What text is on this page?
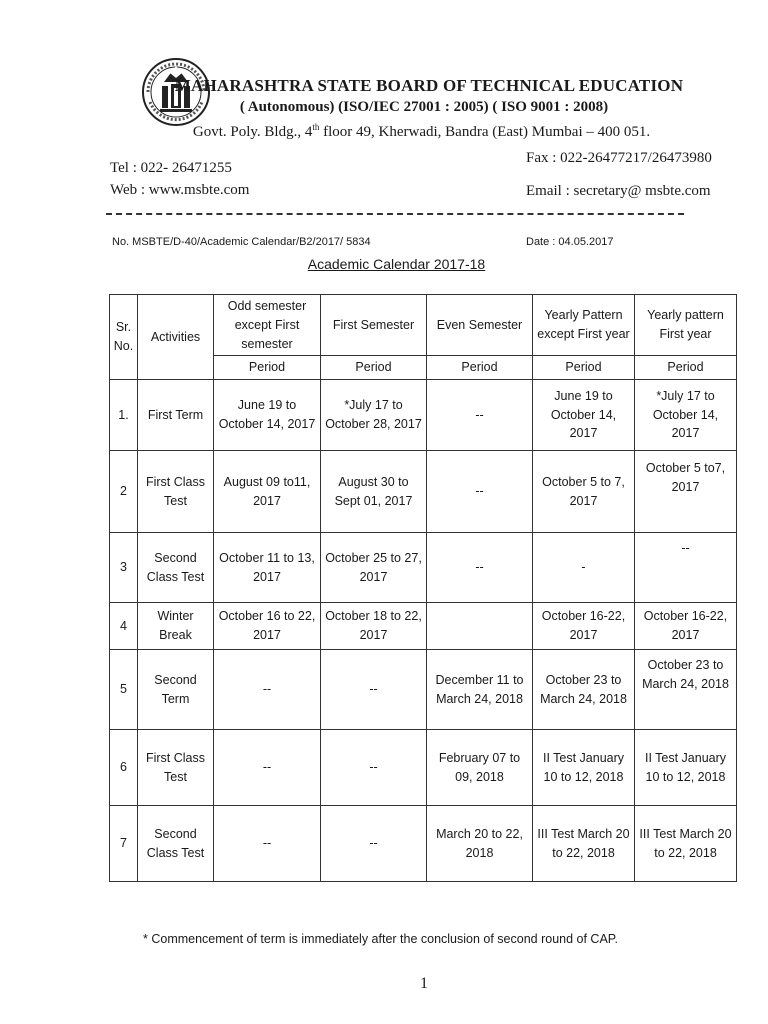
MAHARASHTRA STATE BOARD OF TECHNICAL EDUCATION
( Autonomous) (ISO/IEC 27001 : 2005) ( ISO 9001 : 2008)
Govt. Poly. Bldg., 4th floor 49, Kherwadi, Bandra (East) Mumbai – 400 051.
Tel : 022- 26471255
Web : www.msbte.com
Fax : 022-26477217/26473980
Email : secretary@ msbte.com
No. MSBTE/D-40/Academic Calendar/B2/2017/ 5834	Date : 04.05.2017
Academic Calendar 2017-18
Sr. No.	Activities	Odd semester except First semester	First Semester	Even Semester	Yearly Pattern except First year	Yearly pattern First year
		Period	Period	Period	Period	Period
1.	First Term	June 19 to October 14, 2017	*July 17 to October 28, 2017	--	June 19 to October 14, 2017	*July 17 to October 14, 2017
2	First Class Test	August 09 to11, 2017	August 30 to Sept 01, 2017	--	October 5 to 7, 2017	October 5 to7, 2017
3	Second Class Test	October 11 to 13, 2017	October 25 to 27, 2017	--	-	--
4	Winter Break	October 16 to 22, 2017	October 18 to 22, 2017		October 16-22, 2017	October 16-22, 2017
5	Second Term	--	--	December 11 to March 24, 2018	October 23 to March 24, 2018	October 23 to March 24, 2018
6	First Class Test	--	--	February 07 to 09, 2018	II Test January 10 to 12, 2018	II Test January 10 to 12, 2018
7	Second Class Test	--	--	March 20 to 22, 2018	III Test March 20 to 22, 2018	III Test March 20 to 22, 2018
* Commencement of term is immediately after the conclusion of second round of CAP.
1
